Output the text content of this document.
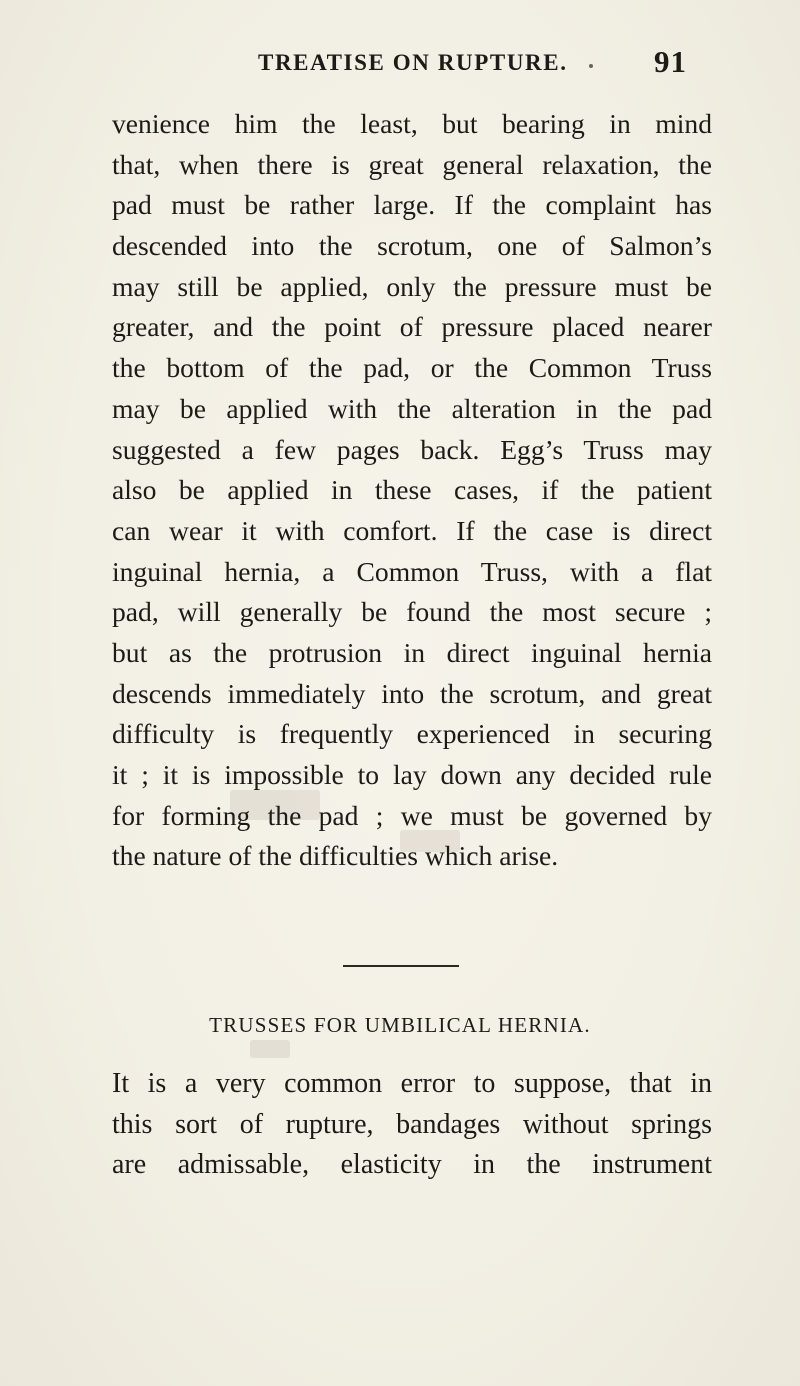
TREATISE ON RUPTURE.	91
venience him the least, but bearing in mind
that, when there is great general relaxation, the
pad must be rather large. If the complaint has
descended into the scrotum, one of Salmon’s
may still be applied, only the pressure must be
greater, and the point of pressure placed nearer
the bottom of the pad, or the Common Truss
may be applied with the alteration in the pad
suggested a few pages back. Egg’s Truss may
also be applied in these cases, if the patient
can wear it with comfort. If the case is direct
inguinal hernia, a Common Truss, with a flat
pad, will generally be found the most secure ;
but as the protrusion in direct inguinal hernia
descends immediately into the scrotum, and great
difficulty is frequently experienced in securing
it ; it is impossible to lay down any decided rule
for forming the pad ; we must be governed by
the nature of the difficulties which arise.
TRUSSES FOR UMBILICAL HERNIA.
It is a very common error to suppose, that in
this sort of rupture, bandages without springs
are admissable, elasticity in the instrument
